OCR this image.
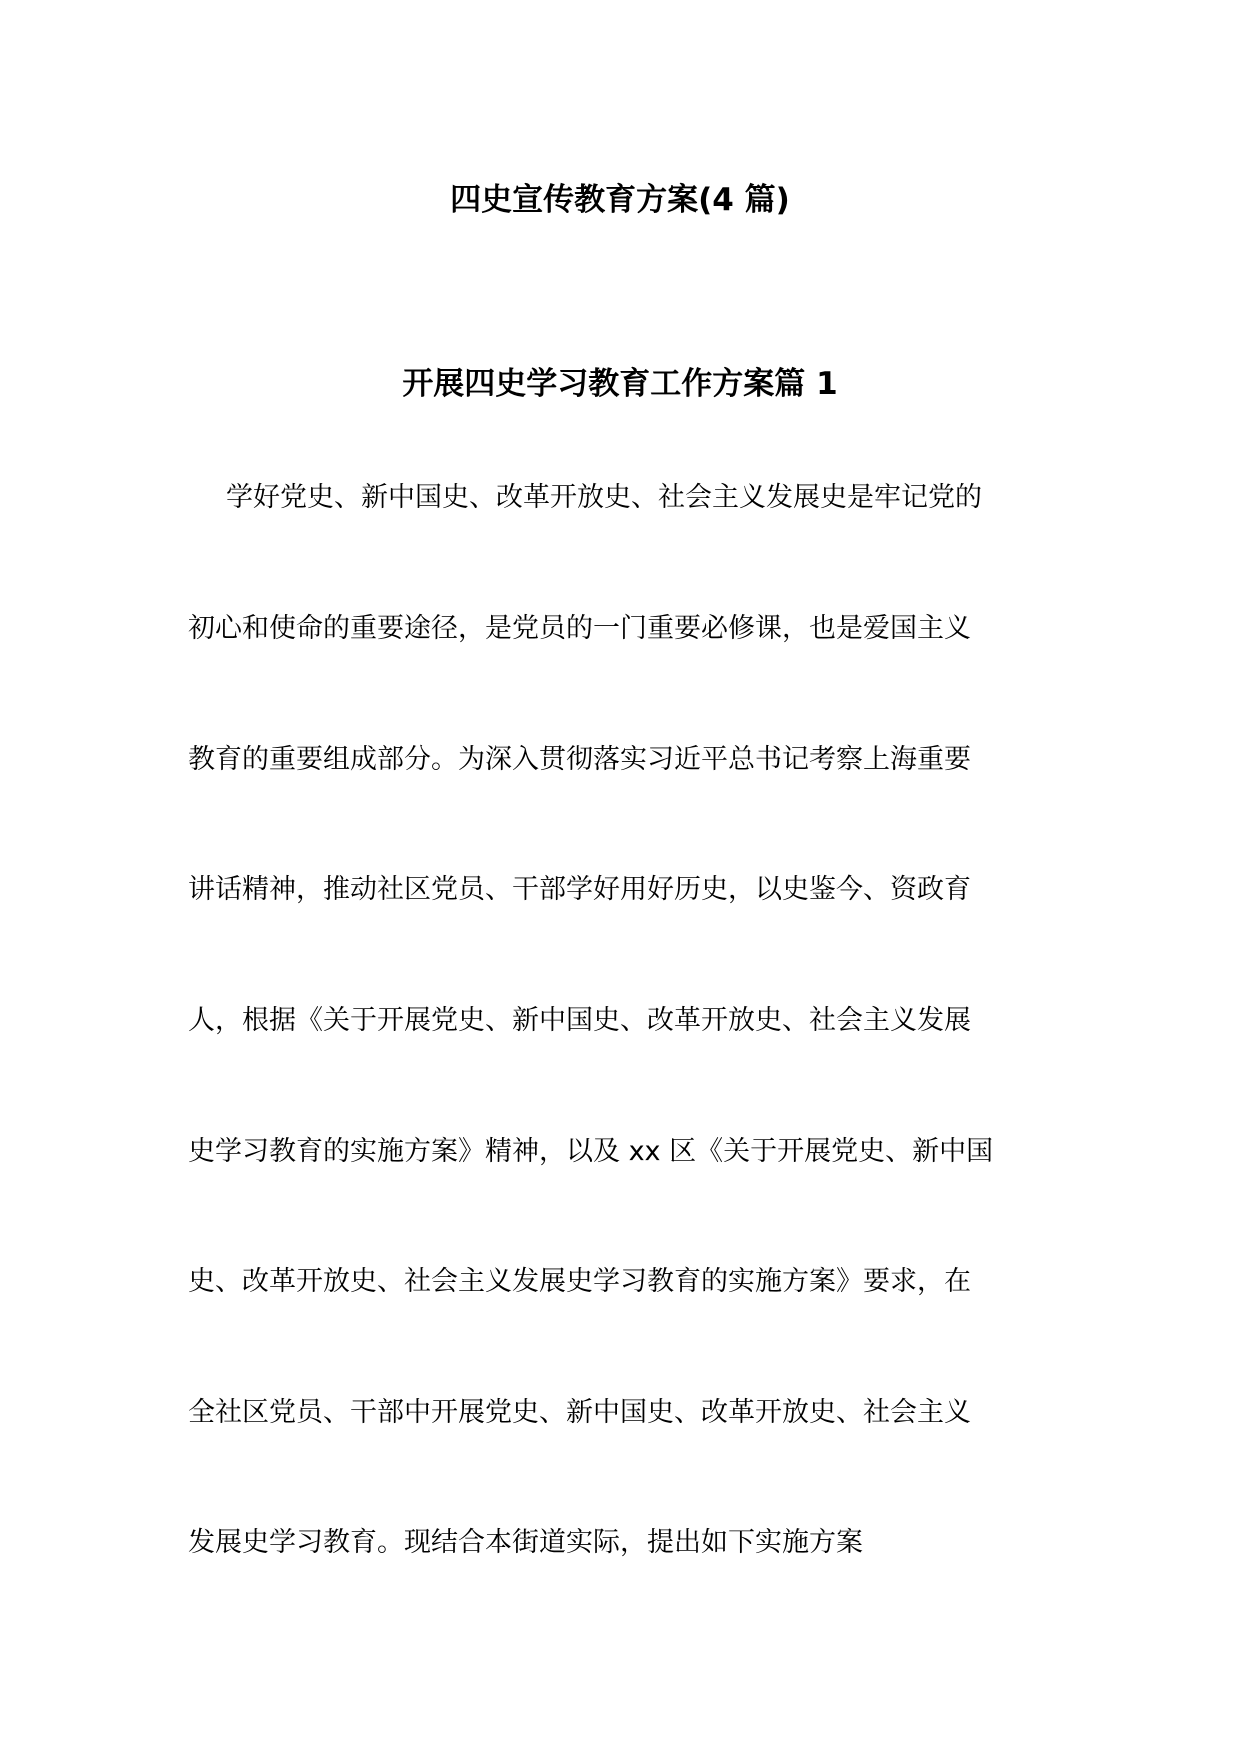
四史宣传教育方案(4 篇)
开展四史学习教育工作方案篇 1
学好党史、新中国史、改革开放史、社会主义发展史是牢记党的
初心和使命的重要途径，是党员的一门重要必修课，也是爱国主义
教育的重要组成部分。为深入贯彻落实习近平总书记考察上海重要
讲话精神，推动社区党员、干部学好用好历史，以史鉴今、资政育
人，根据《关于开展党史、新中国史、改革开放史、社会主义发展
史学习教育的实施方案》精神，以及 xx 区《关于开展党史、新中国
史、改革开放史、社会主义发展史学习教育的实施方案》要求，在
全社区党员、干部中开展党史、新中国史、改革开放史、社会主义
发展史学习教育。现结合本街道实际，提出如下实施方案
